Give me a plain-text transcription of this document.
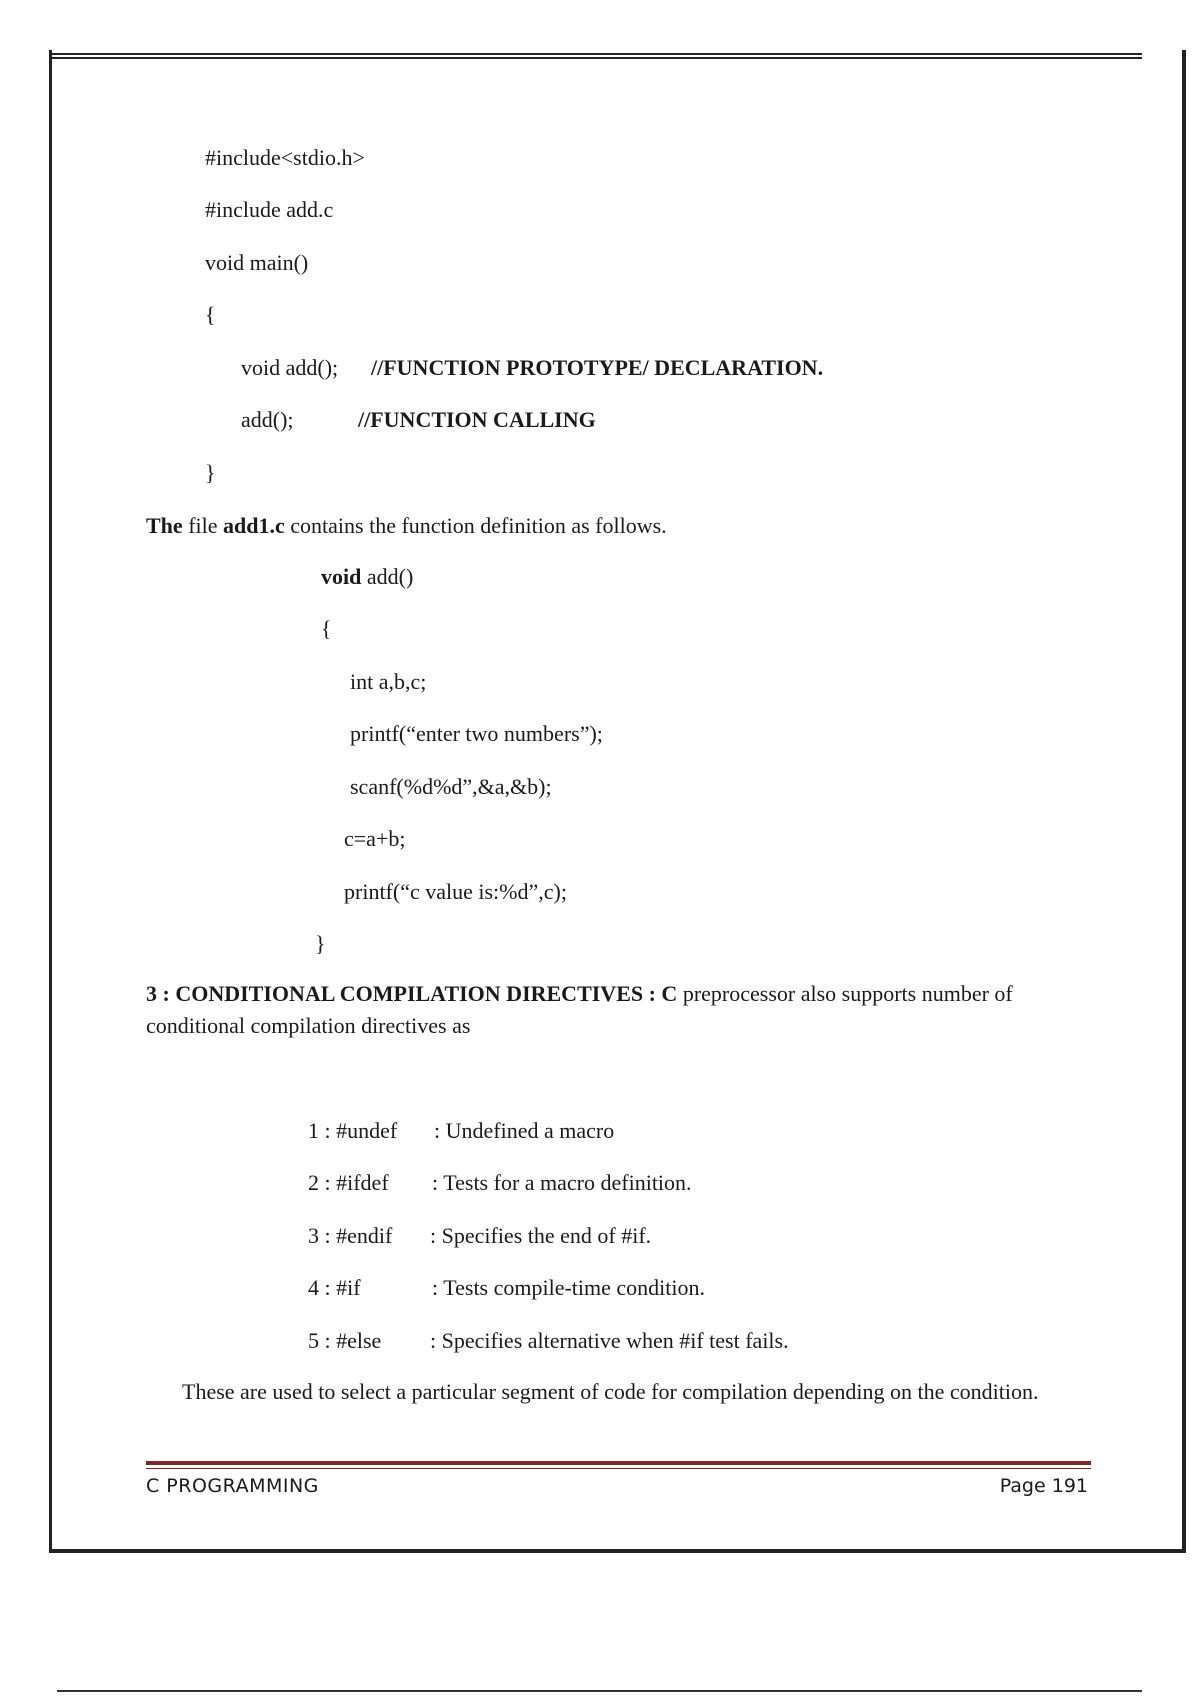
#include<stdio.h>
#include add.c
void main()
{
void add(); //FUNCTION PROTOTYPE/ DECLARATION.
add();	//FUNCTION CALLING
}
The file add1.c contains the function definition as follows.
void add()
{
int a,b,c;
printf(“enter two numbers”);
scanf(%d%d”,&a,&b);
c=a+b;
printf(“c value is:%d”,c);
}
3 : CONDITIONAL COMPILATION DIRECTIVES : C preprocessor also supports number of conditional compilation directives as
1 : #undef : Undefined a macro
2 : #ifdef : Tests for a macro definition.
3 : #endif : Specifies the end of #if.
4 : #if	: Tests compile-time condition.
5 : #else : Specifies alternative when #if test fails.
These are used to select a particular segment of code for compilation depending on the condition.
C PROGRAMMING	Page 191
